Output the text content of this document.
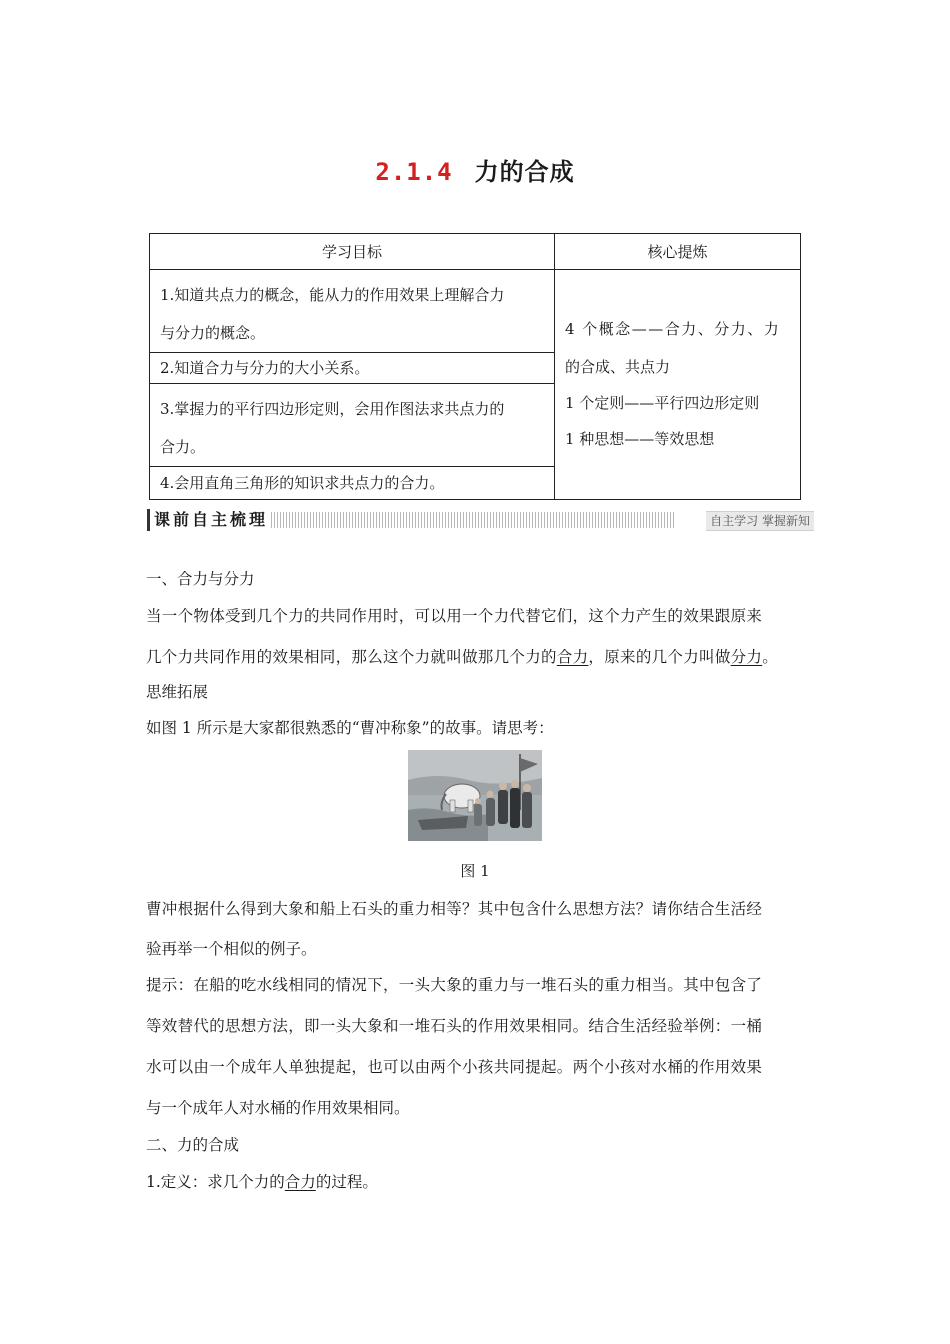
2.1.4 力的合成
学习目标	核心提炼

1.知道共点力的概念，能从力的作用效果上理解合力
与分力的概念。	4 个概念——合力、分力、力
的合成、共点力
1 个定则——平行四边形定则
1 种思想——等效思想

2.知道合力与分力的大小关系。	

3.掌握力的平行四边形定则，会用作图法求共点力的
合力。	

4.会用直角三角形的知识求共点力的合力。	
课前自主梳理	自主学习 掌握新知
一、合力与分力
当一个物体受到几个力的共同作用时，可以用一个力代替它们，这个力产生的效果跟原来
几个力共同作用的效果相同，那么这个力就叫做那几个力的合力，原来的几个力叫做分力。
思维拓展
如图 1 所示是大家都很熟悉的“曹冲称象”的故事。请思考：
曹冲根据什么得到大象和船上石头的重力相等？其中包含什么思想方法？请你结合生活经
验再举一个相似的例子。
提示：在船的吃水线相同的情况下，一头大象的重力与一堆石头的重力相当。其中包含了
等效替代的思想方法，即一头大象和一堆石头的作用效果相同。结合生活经验举例：一桶
水可以由一个成年人单独提起，也可以由两个小孩共同提起。两个小孩对水桶的作用效果
与一个成年人对水桶的作用效果相同。
二、力的合成
1.定义：求几个力的合力的过程。
图 1
